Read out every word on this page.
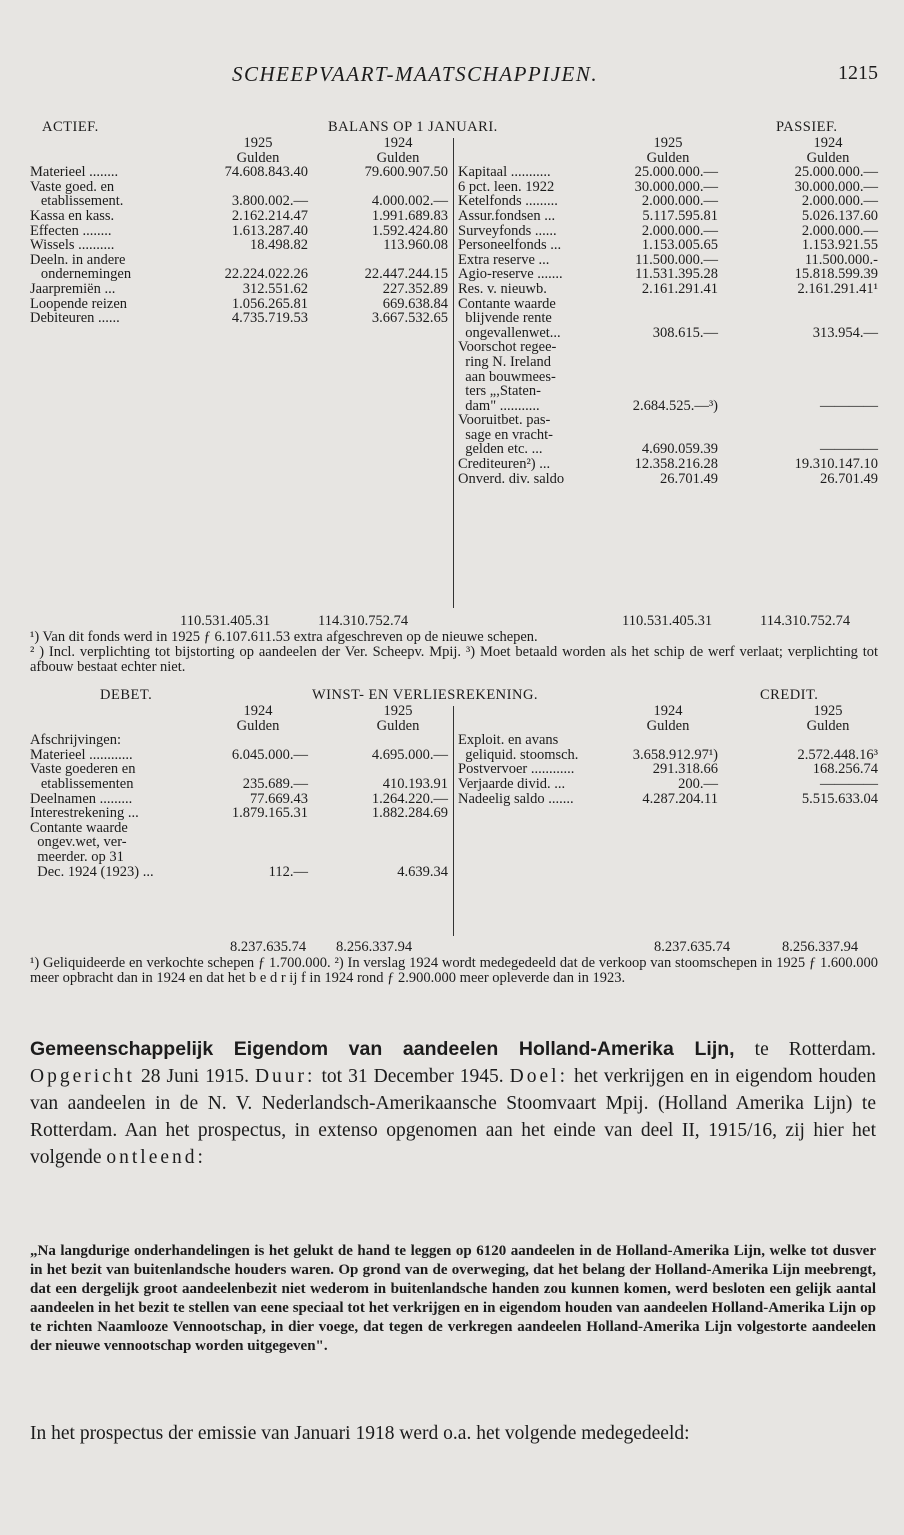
SCHEEPVAART-MAATSCHAPPIJEN.	1215
ACTIEF.	BALANS OP 1 JANUARI.	PASSIEF.
1925	1924
Gulden	Gulden
Materieel ........	74.608.843.40	79.600.907.50
Vaste goed. en
etablissement.	3.800.002.—	4.000.002.—
Kassa en kass.	2.162.214.47	1.991.689.83
Effecten ........	1.613.287.40	1.592.424.80
Wissels ..........	18.498.82	113.960.08
Deeln. in andere
ondernemingen	22.224.022.26	22.447.244.15
Jaarpremiën ...	312.551.62	227.352.89
Loopende reizen	1.056.265.81	669.638.84
Debiteuren ......	4.735.719.53	3.667.532.65
1925	1924
Gulden	Gulden
Kapitaal ...........	25.000.000.—	25.000.000.—
6 pct. leen. 1922	30.000.000.—	30.000.000.—
Ketelfonds .........	2.000.000.—	2.000.000.—
Assur.fondsen ...	5.117.595.81	5.026.137.60
Surveyfonds ......	2.000.000.—	2.000.000.—
Personeelfonds ...	1.153.005.65	1.153.921.55
Extra reserve ...	11.500.000.—	11.500.000.-
Agio-reserve .......	11.531.395.28	15.818.599.39
Res. v. nieuwb.	2.161.291.41	2.161.291.41¹
Contante waarde
blijvende rente
ongevallenwet...	308.615.—	313.954.—
Voorschot regee-
ring N. Ireland
aan bouwmees-
ters „,Staten-
dam" ...........	2.684.525.—³)	————
Vooruitbet. pas-
sage en vracht-
gelden etc. ...	4.690.059.39	————
Crediteuren²) ...	12.358.216.28	19.310.147.10
Onverd. div. saldo	26.701.49	26.701.49
110.531.405.31	114.310.752.74	110.531.405.31	114.310.752.74
¹) Van dit fonds werd in 1925 ƒ 6.107.611.53 extra afgeschreven op de nieuwe schepen.
² ) Incl. verplichting tot bijstorting op aandeelen der Ver. Scheepv. Mpij. ³) Moet betaald worden als het schip de werf verlaat; verplichting tot afbouw bestaat echter niet.
DEBET.	WINST- EN VERLIESREKENING.	CREDIT.
1924	1925
Gulden	Gulden
Afschrijvingen:
Materieel ............	6.045.000.—	4.695.000.—
Vaste goederen en
etablissementen	235.689.—	410.193.91
Deelnamen .........	77.669.43	1.264.220.—
Interestrekening ...	1.879.165.31	1.882.284.69
Contante waarde
ongev.wet, ver-
meerder. op 31
Dec. 1924 (1923) ...	112.—	4.639.34
1924	1925
Gulden	Gulden
Exploit. en avans
geliquid. stoomsch.	3.658.912.97¹)	2.572.448.16³
Postvervoer ............	291.318.66	168.256.74
Verjaarde divid. ...	200.—	————
Nadeelig saldo .......	4.287.204.11	5.515.633.04
8.237.635.74 8.256.337.94	8.237.635.74	8.256.337.94
¹) Geliquideerde en verkochte schepen ƒ 1.700.000. ²) In verslag 1924 wordt medegedeeld dat de verkoop van stoomschepen in 1925 ƒ 1.600.000 meer opbracht dan in 1924 en dat het b e d r ij f in 1924 rond ƒ 2.900.000 meer opleverde dan in 1923.
Gemeenschappelijk Eigendom van aandeelen Holland-Amerika Lijn, te Rotterdam. Opgericht 28 Juni 1915. Duur: tot 31 December 1945. Doel: het verkrijgen en in eigendom houden van aandeelen in de N. V. Nederlandsch-Amerikaansche Stoomvaart Mpij. (Holland Amerika Lijn) te Rotterdam. Aan het prospectus, in extenso opgenomen aan het einde van deel II, 1915/16, zij hier het volgende ontleend:
„Na langdurige onderhandelingen is het gelukt de hand te leggen op 6120 aandeelen in de Holland-Amerika Lijn, welke tot dusver in het bezit van buitenlandsche houders waren. Op grond van de overweging, dat het belang der Holland-Amerika Lijn meebrengt, dat een dergelijk groot aandeelenbezit niet wederom in buitenlandsche handen zou kunnen komen, werd besloten een gelijk aantal aandeelen in het bezit te stellen van eene speciaal tot het verkrijgen en in eigendom houden van aandeelen Holland-Amerika Lijn op te richten Naamlooze Vennootschap, in dier voege, dat tegen de verkregen aandeelen Holland-Amerika Lijn volgestorte aandeelen der nieuwe vennootschap worden uitgegeven".
In het prospectus der emissie van Januari 1918 werd o.a. het volgende medegedeeld:
